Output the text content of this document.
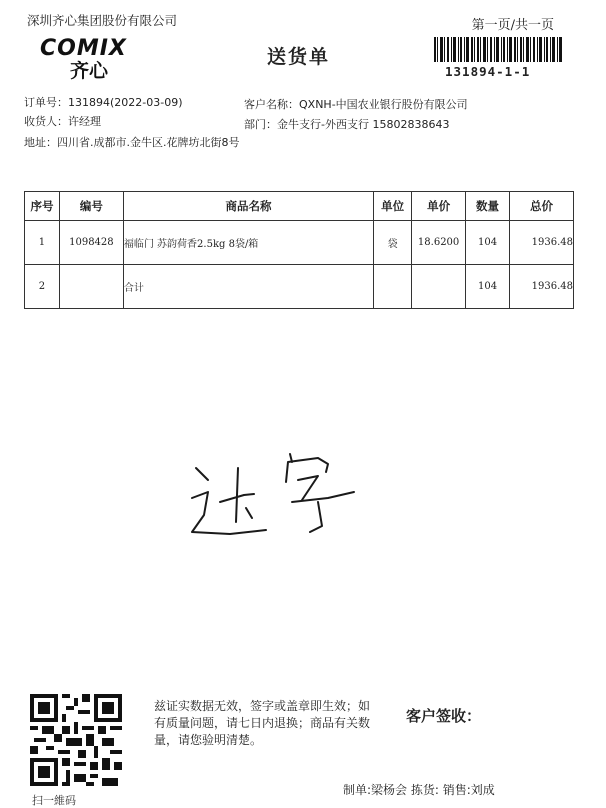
深圳齐心集团股份有限公司	第一页/共一页
COMIX
齐心
送货单
131894-1-1
订单号：131894(2022-03-09)
收货人：许经理
地址：四川省.成都市.金牛区.花牌坊北街8号
客户名称：QXNH-中国农业银行股份有限公司
部门：金牛支行-外西支行 15802838643
序号	编号	商品名称	单位	单价	数量	总价
1	1098428	福临门 苏韵荷香2.5kg 8袋/箱	袋	18.6200	104	1936.48
2		合计			104	1936.48
扫一維码
兹证实数据无效，签字或盖章即生效；如有质量问题，请七日内退换；商品有关数量，请您验明清楚。
客户签收：
制单:梁杨会 拣货: 销售:刘成
